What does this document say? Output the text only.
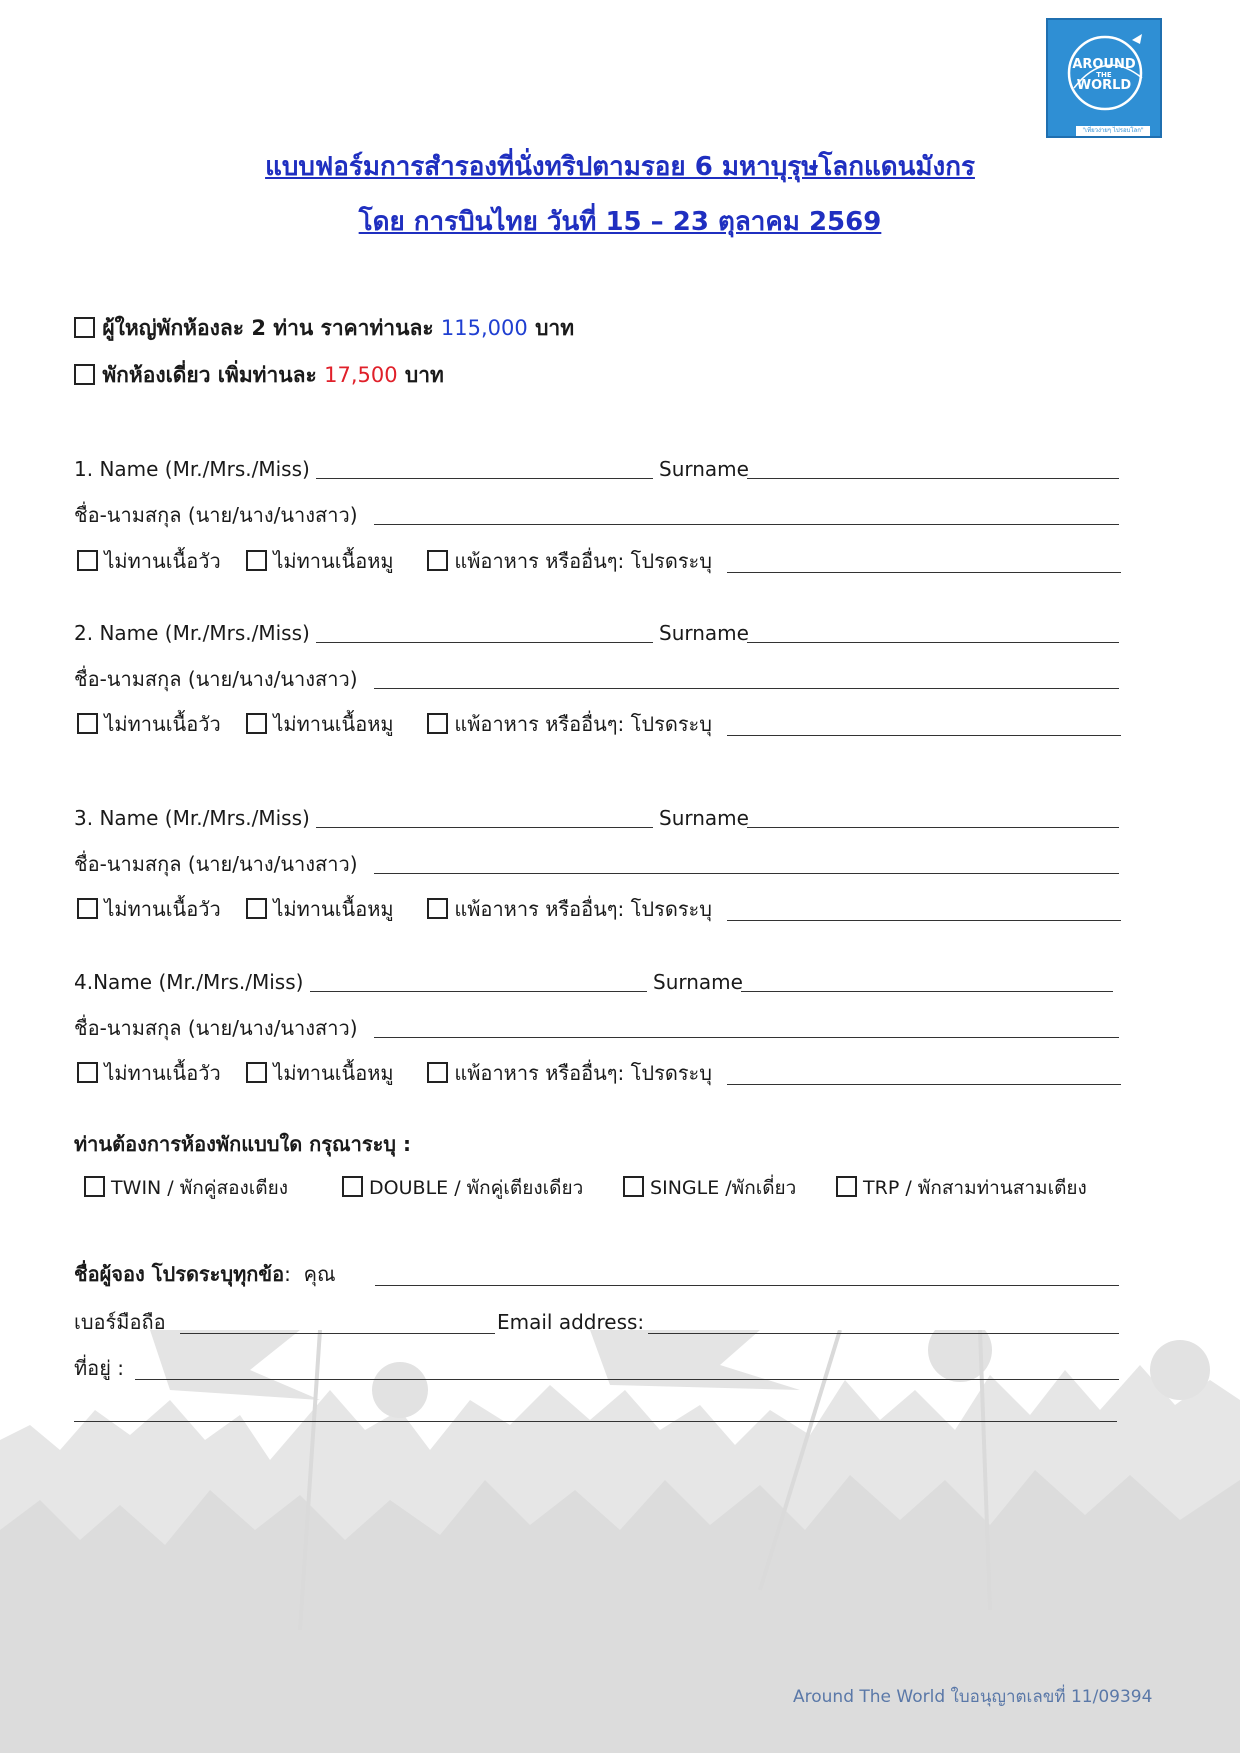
AROUND
THE
WORLD
"เที่ยวง่ายๆ ไปรอบโลก"
แบบฟอร์มการสำรองที่นั่งทริปตามรอย 6 มหาบุรุษโลกแดนมังกร
โดย การบินไทย วันที่ 15 – 23 ตุลาคม 2569
ผู้ใหญ่พักห้องละ 2 ท่าน ราคาท่านละ 115,000 บาท
พักห้องเดี่ยว เพิ่มท่านละ 17,500 บาท
1. Name (Mr./Mrs./Miss)	Surname
ชื่อ-นามสกุล (นาย/นาง/นางสาว)
ไม่ทานเนื้อวัว	ไม่ทานเนื้อหมู	แพ้อาหาร หรืออื่นๆ: โปรดระบุ
2. Name (Mr./Mrs./Miss)	Surname
ชื่อ-นามสกุล (นาย/นาง/นางสาว)
ไม่ทานเนื้อวัว	ไม่ทานเนื้อหมู	แพ้อาหาร หรืออื่นๆ: โปรดระบุ
3. Name (Mr./Mrs./Miss)	Surname
ชื่อ-นามสกุล (นาย/นาง/นางสาว)
ไม่ทานเนื้อวัว	ไม่ทานเนื้อหมู	แพ้อาหาร หรืออื่นๆ: โปรดระบุ
4.Name (Mr./Mrs./Miss)	Surname
ชื่อ-นามสกุล (นาย/นาง/นางสาว)
ไม่ทานเนื้อวัว	ไม่ทานเนื้อหมู	แพ้อาหาร หรืออื่นๆ: โปรดระบุ
ท่านต้องการห้องพักแบบใด กรุณาระบุ :
TWIN / พักคู่สองเตียง	DOUBLE / พักคู่เตียงเดียว	SINGLE /พักเดี่ยว	TRP / พักสามท่านสามเตียง
ชื่อผู้จอง โปรดระบุทุกข้อ: คุณ
เบอร์มือถือ	Email address:
ที่อยู่ :
Around The World ใบอนุญาตเลขที่ 11/09394
